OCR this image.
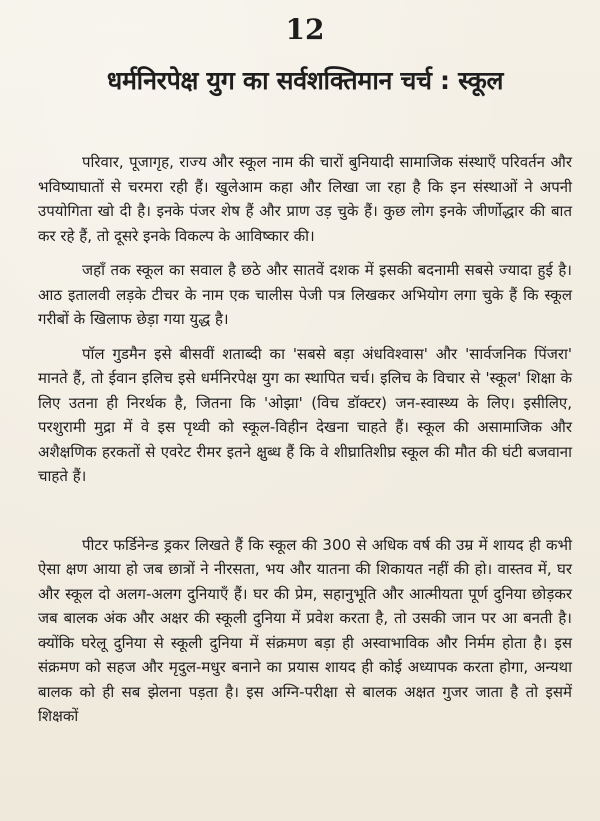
12
धर्मनिरपेक्ष युग का सर्वशक्तिमान चर्च : स्कूल

परिवार, पूजागृह, राज्य और स्कूल नाम की चारों बुनियादी सामाजिक संस्थाएँ परिवर्तन और भविष्याघातों से चरमरा रही हैं। खुलेआम कहा और लिखा जा रहा है कि इन संस्थाओं ने अपनी उपयोगिता खो दी है। इनके पंजर शेष हैं और प्राण उड़ चुके हैं। कुछ लोग इनके जीर्णोद्धार की बात कर रहे हैं, तो दूसरे इनके विकल्प के आविष्कार की।

जहाँ तक स्कूल का सवाल है छठे और सातवें दशक में इसकी बदनामी सबसे ज्यादा हुई है। आठ इतालवी लड़के टीचर के नाम एक चालीस पेजी पत्र लिखकर अभियोग लगा चुके हैं कि स्कूल गरीबों के खिलाफ छेड़ा गया युद्ध है।

पॉल गुडमैन इसे बीसवीं शताब्दी का 'सबसे बड़ा अंधविश्वास' और 'सार्वजनिक पिंजरा' मानते हैं, तो ईवान इलिच इसे धर्मनिरपेक्ष युग का स्थापित चर्च। इलिच के विचार से 'स्कूल' शिक्षा के लिए उतना ही निरर्थक है, जितना कि 'ओझा' (विच डॉक्टर) जन-स्वास्थ्य के लिए। इसीलिए, परशुरामी मुद्रा में वे इस पृथ्वी को स्कूल-विहीन देखना चाहते हैं। स्कूल की असामाजिक और अशैक्षणिक हरकतों से एवरेट रीमर इतने क्षुब्ध हैं कि वे शीघ्रातिशीघ्र स्कूल की मौत की घंटी बजवाना चाहते हैं।

पीटर फर्डिनेन्ड ड्रकर लिखते हैं कि स्कूल की 300 से अधिक वर्ष की उम्र में शायद ही कभी ऐसा क्षण आया हो जब छात्रों ने नीरसता, भय और यातना की शिकायत नहीं की हो। वास्तव में, घर और स्कूल दो अलग-अलग दुनियाएँ हैं। घर की प्रेम, सहानुभूति और आत्मीयता पूर्ण दुनिया छोड़कर जब बालक अंक और अक्षर की स्कूली दुनिया में प्रवेश करता है, तो उसकी जान पर आ बनती है। क्योंकि घरेलू दुनिया से स्कूली दुनिया में संक्रमण बड़ा ही अस्वाभाविक और निर्मम होता है। इस संक्रमण को सहज और मृदुल-मधुर बनाने का प्रयास शायद ही कोई अध्यापक करता होगा, अन्यथा बालक को ही सब झेलना पड़ता है। इस अग्नि-परीक्षा से बालक अक्षत गुजर जाता है तो इसमें शिक्षकों
